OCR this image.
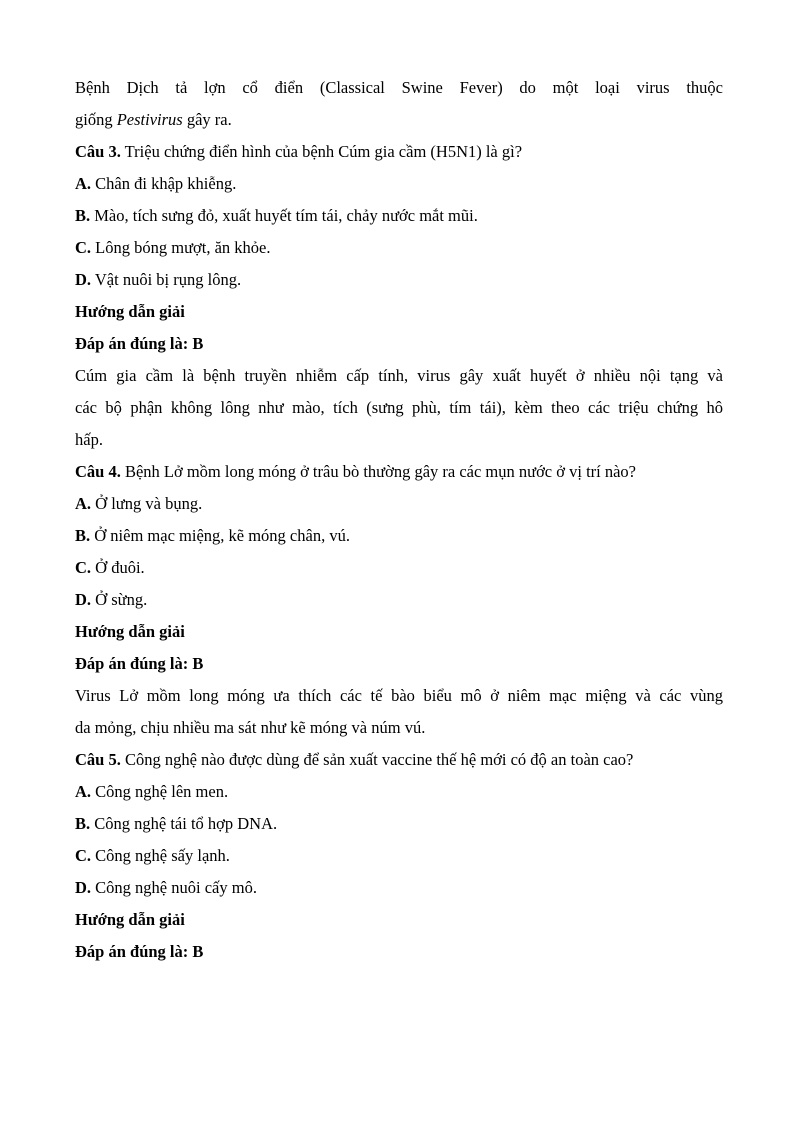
Bệnh Dịch tả lợn cổ điển (Classical Swine Fever) do một loại virus thuộc
giống Pestivirus gây ra.
Câu 3. Triệu chứng điển hình của bệnh Cúm gia cầm (H5N1) là gì?
A. Chân đi khập khiễng.
B. Mào, tích sưng đỏ, xuất huyết tím tái, chảy nước mắt mũi.
C. Lông bóng mượt, ăn khỏe.
D. Vật nuôi bị rụng lông.
Hướng dẫn giải
Đáp án đúng là: B
Cúm gia cầm là bệnh truyền nhiễm cấp tính, virus gây xuất huyết ở nhiều nội tạng và
các bộ phận không lông như mào, tích (sưng phù, tím tái), kèm theo các triệu chứng hô
hấp.
Câu 4. Bệnh Lở mồm long móng ở trâu bò thường gây ra các mụn nước ở vị trí nào?
A. Ở lưng và bụng.
B. Ở niêm mạc miệng, kẽ móng chân, vú.
C. Ở đuôi.
D. Ở sừng.
Hướng dẫn giải
Đáp án đúng là: B
Virus Lở mồm long móng ưa thích các tế bào biểu mô ở niêm mạc miệng và các vùng
da mỏng, chịu nhiều ma sát như kẽ móng và núm vú.
Câu 5. Công nghệ nào được dùng để sản xuất vaccine thế hệ mới có độ an toàn cao?
A. Công nghệ lên men.
B. Công nghệ tái tổ hợp DNA.
C. Công nghệ sấy lạnh.
D. Công nghệ nuôi cấy mô.
Hướng dẫn giải
Đáp án đúng là: B
